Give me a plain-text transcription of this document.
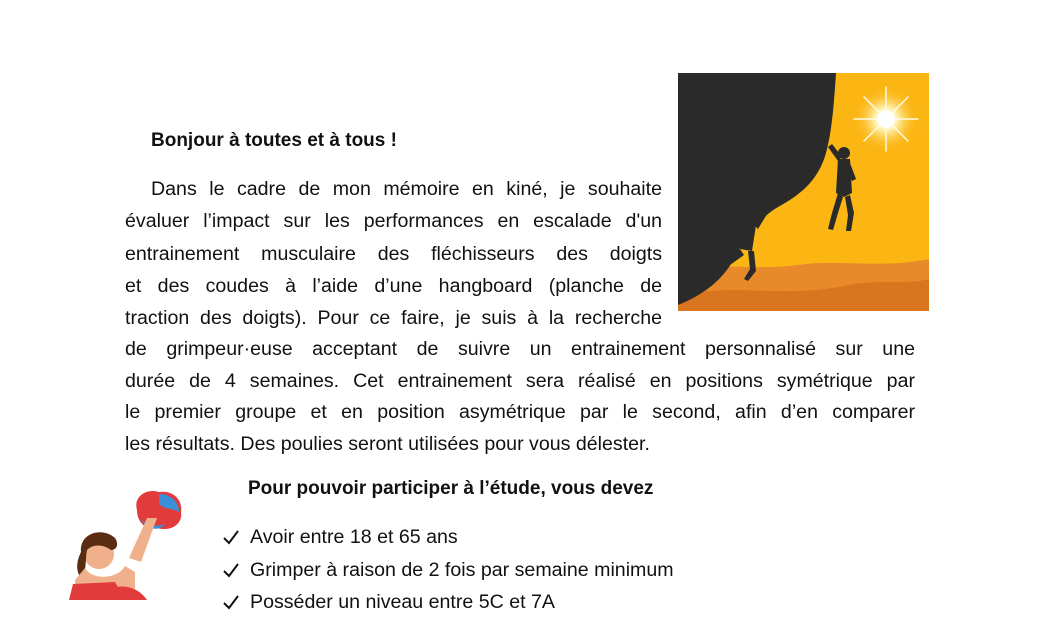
Bonjour à toutes et à tous !

Dans le cadre de mon mémoire en kiné, je souhaite
évaluer l’impact sur les performances en escalade d'un
entrainement musculaire des fléchisseurs des doigts
et des coudes à l’aide d’une hangboard (planche de
traction des doigts). Pour ce faire, je suis à la recherche

de grimpeur·euse acceptant de suivre un entrainement personnalisé sur une
durée de 4 semaines. Cet entrainement sera réalisé en positions symétrique par
le premier groupe et en position asymétrique par le second, afin d’en comparer
les résultats. Des poulies seront utilisées pour vous délester.

Pour pouvoir participer à l’étude, vous devez

Avoir entre 18 et 65 ans
Grimper à raison de 2 fois par semaine minimum
Posséder un niveau entre 5C et 7A
